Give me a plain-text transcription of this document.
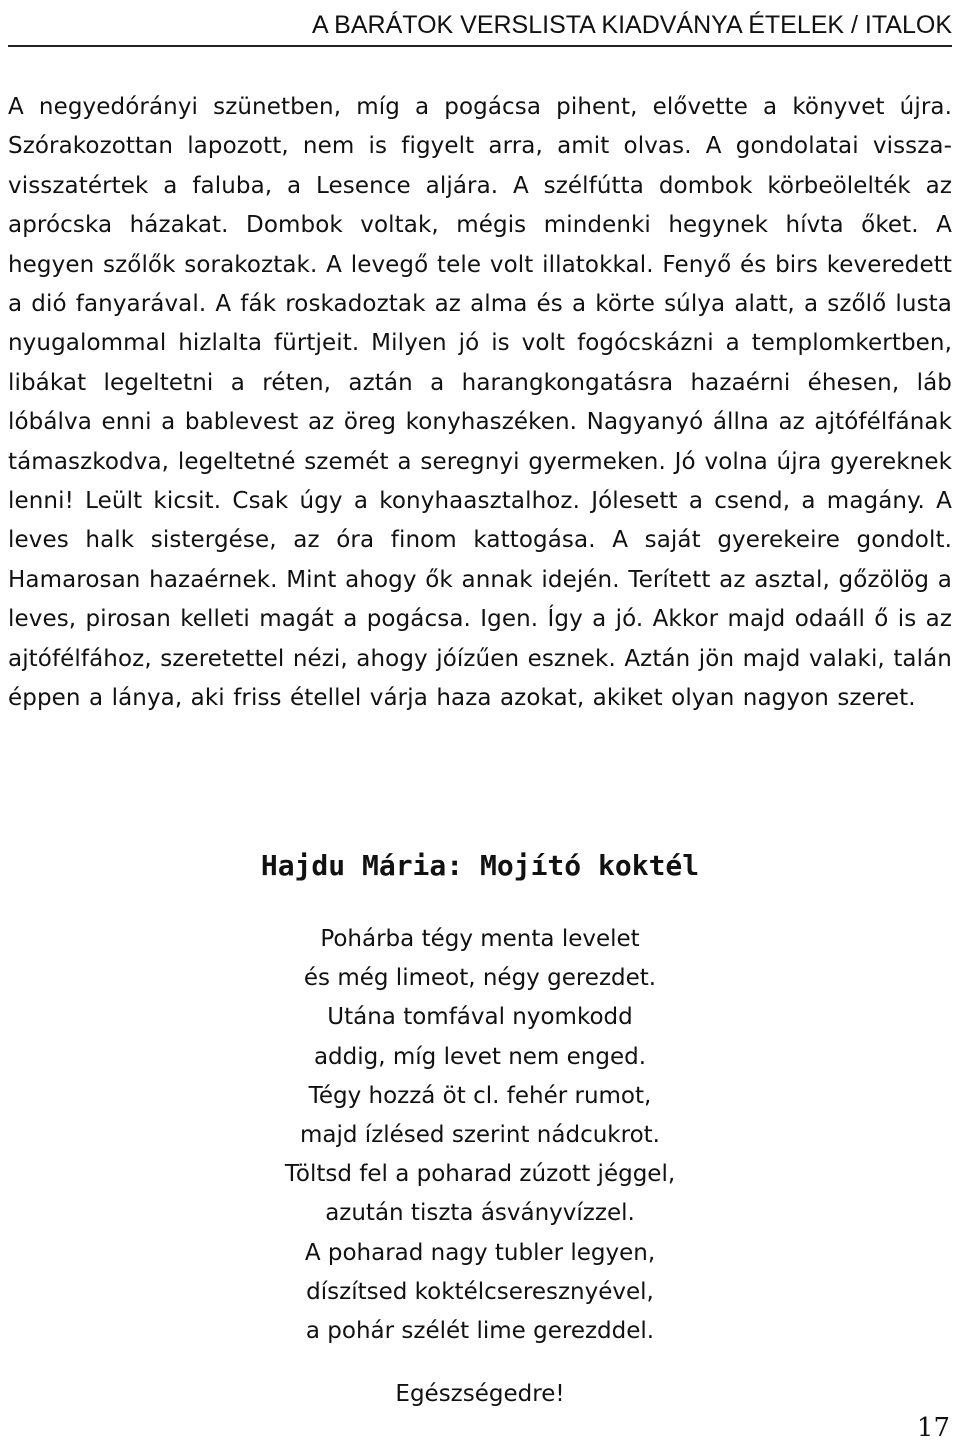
A BARÁTOK VERSLISTA KIADVÁNYA ÉTELEK / ITALOK

A negyedórányi szünetben, míg a pogácsa pihent, elővette a könyvet újra. Szórakozottan lapozott, nem is figyelt arra, amit olvas. A gondolatai vissza-visszatértek a faluba, a Lesence aljára. A szélfútta dombok körbeölelték az aprócska házakat. Dombok voltak, mégis mindenki hegynek hívta őket. A hegyen szőlők sorakoztak. A levegő tele volt illatokkal. Fenyő és birs keveredett a dió fanyarával. A fák roskadoztak az alma és a körte súlya alatt, a szőlő lusta nyugalommal hizlalta fürtjeit. Milyen jó is volt fogócskázni a templomkertben, libákat legeltetni a réten, aztán a harangkongatásra hazaérni éhesen, láb lóbálva enni a bablevest az öreg konyhaszéken. Nagyanyó állna az ajtófélfának támaszkodva, legeltetné szemét a seregnyi gyermeken. Jó volna újra gyereknek lenni! Leült kicsit. Csak úgy a konyhaasztalhoz. Jólesett a csend, a magány. A leves halk sistergése, az óra finom kattogása. A saját gyerekeire gondolt. Hamarosan hazaérnek. Mint ahogy ők annak idején. Terített az asztal, gőzölög a leves, pirosan kelleti magát a pogácsa. Igen. Így a jó. Akkor majd odaáll ő is az ajtófélfához, szeretettel nézi, ahogy jóízűen esznek. Aztán jön majd valaki, talán éppen a lánya, aki friss étellel várja haza azokat, akiket olyan nagyon szeret.

Hajdu Mária: Mojító koktél
Pohárba tégy menta levelet
és még limeot, négy gerezdet.
Utána tomfával nyomkodd
addig, míg levet nem enged.
Tégy hozzá öt cl. fehér rumot,
majd ízlésed szerint nádcukrot.
Töltsd fel a poharad zúzott jéggel,
azután tiszta ásványvízzel.
A poharad nagy tubler legyen,
díszítsed koktélcseresznyével,
a pohár szélét lime gerezddel.
Egészségedre!
17
